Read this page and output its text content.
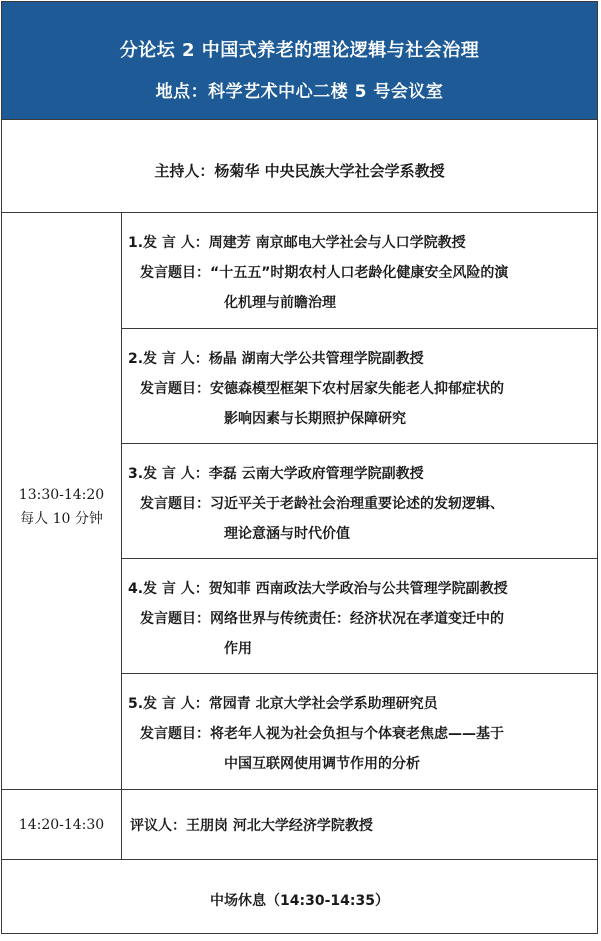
分论坛 2 中国式养老的理论逻辑与社会治理
地点：科学艺术中心二楼 5 号会议室
主持人：杨菊华 中央民族大学社会学系教授
13:30-14:20
每人 10 分钟
1.发 言 人：周建芳 南京邮电大学社会与人口学院教授
发言题目：“十五五”时期农村人口老龄化健康安全风险的演
化机理与前瞻治理
2.发 言 人：杨晶 湖南大学公共管理学院副教授
发言题目：安德森模型框架下农村居家失能老人抑郁症状的
影响因素与长期照护保障研究
3.发 言 人：李磊 云南大学政府管理学院副教授
发言题目：习近平关于老龄社会治理重要论述的发轫逻辑、
理论意涵与时代价值
4.发 言 人：贺知菲 西南政法大学政治与公共管理学院副教授
发言题目：网络世界与传统责任：经济状况在孝道变迁中的
作用
5.发 言 人：常园青 北京大学社会学系助理研究员
发言题目：将老年人视为社会负担与个体衰老焦虑——基于
中国互联网使用调节作用的分析
14:20-14:30	评议人：王朋岗 河北大学经济学院教授
中场休息（14:30-14:35）
